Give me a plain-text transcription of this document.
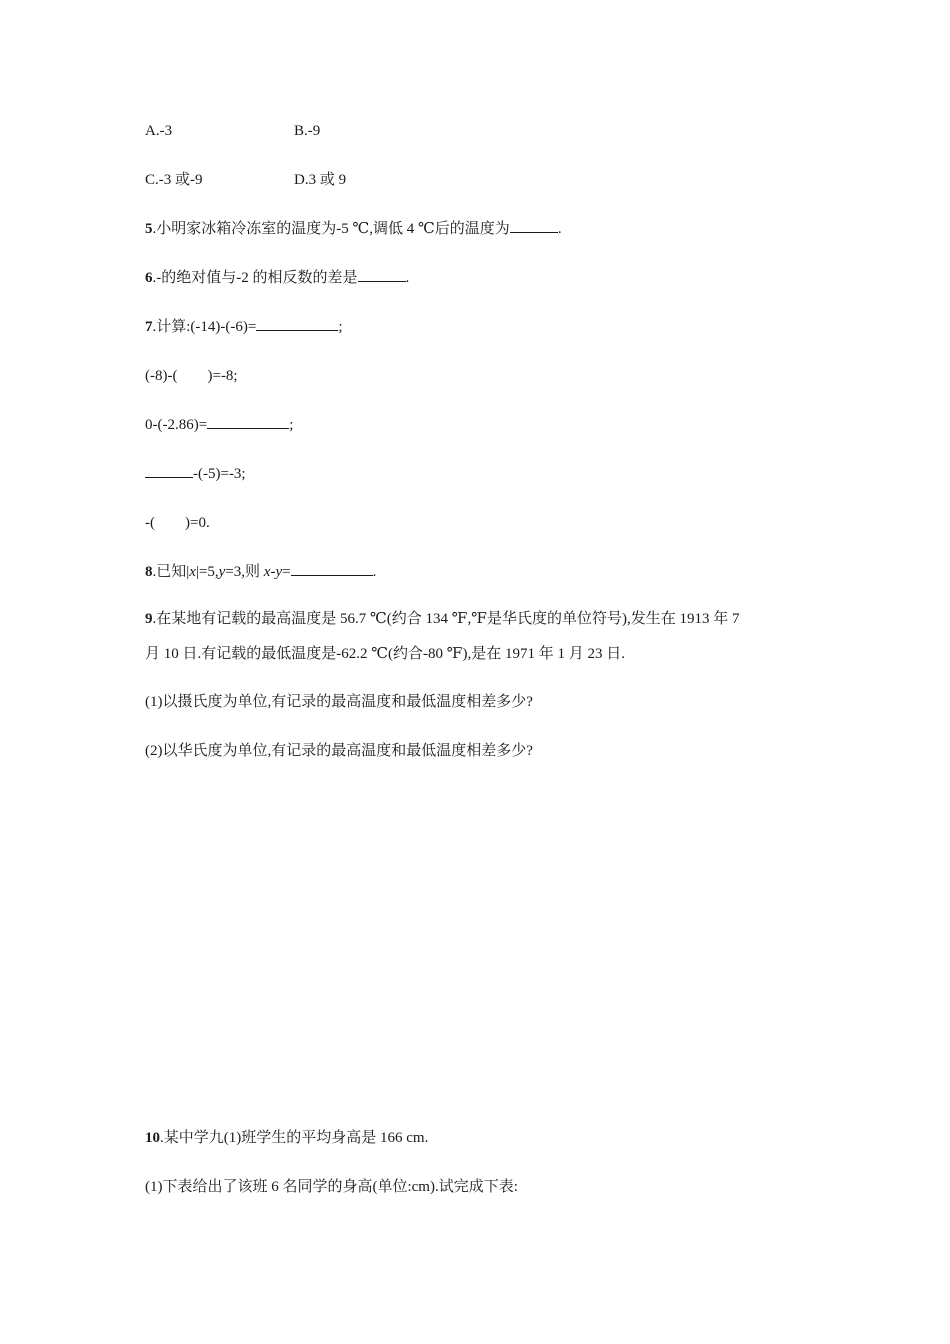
A.-3	B.-9
C.-3 或-9	D.3 或 9
5.小明家冰箱冷冻室的温度为-5 ℃,调低 4 ℃后的温度为	.
6.-的绝对值与-2 的相反数的差是	.
7.计算:(-14)-(-6)=	;
(-8)-( )=-8;
0-(-2.86)=	;
-(-5)=-3;
-( )=0.
8.已知|x|=5,y=3,则 x-y=	.
9.在某地有记载的最高温度是 56.7 ℃(约合 134 ℉,℉是华氏度的单位符号),发生在 1913 年 7
月 10 日.有记载的最低温度是-62.2 ℃(约合-80 ℉),是在 1971 年 1 月 23 日.
(1)以摄氏度为单位,有记录的最高温度和最低温度相差多少?
(2)以华氏度为单位,有记录的最高温度和最低温度相差多少?
10.某中学九(1)班学生的平均身高是 166 cm.
(1)下表给出了该班 6 名同学的身高(单位:cm).试完成下表:
